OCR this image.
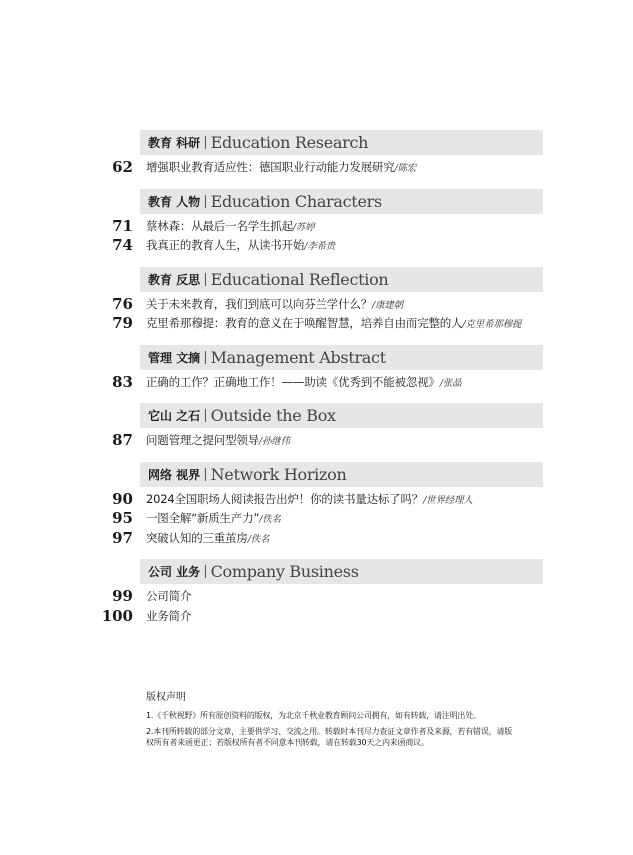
教育 科研 | Education Research
62 增强职业教育适应性：德国职业行动能力发展研究/陈宏
教育 人物 | Education Characters
71 蔡林森：从最后一名学生抓起/苏婷
74 我真正的教育人生，从读书开始/李希贵
教育 反思 | Educational Reflection
76 关于未来教育，我们到底可以向芬兰学什么？/康建朝
79 克里希那穆提：教育的意义在于唤醒智慧，培养自由而完整的人/克里希那穆提
管理 文摘 | Management Abstract
83 正确的工作？正确地工作！——助读《优秀到不能被忽视》/张晶
它山 之石 | Outside the Box
87 问题管理之提问型领导/孙继伟
网络 视界 | Network Horizon
90 2024全国职场人阅读报告出炉！你的读书量达标了吗？/世界经理人
95 一图全解“新质生产力”/佚名
97 突破认知的三重茧房/佚名
公司 业务 | Company Business
99 公司简介
100 业务简介
版权声明
1.《千秋视野》所有原创资料的版权，为北京千秋业教育顾问公司拥有，如有转载，请注明出处。
2.本刊所转载的部分文章，主要供学习、交流之用。转载时本刊尽力查证文章作者及来源，若有错误，请版权所有者来函更正；若版权所有者不同意本刊转载，请在转载30天之内来函商议。
